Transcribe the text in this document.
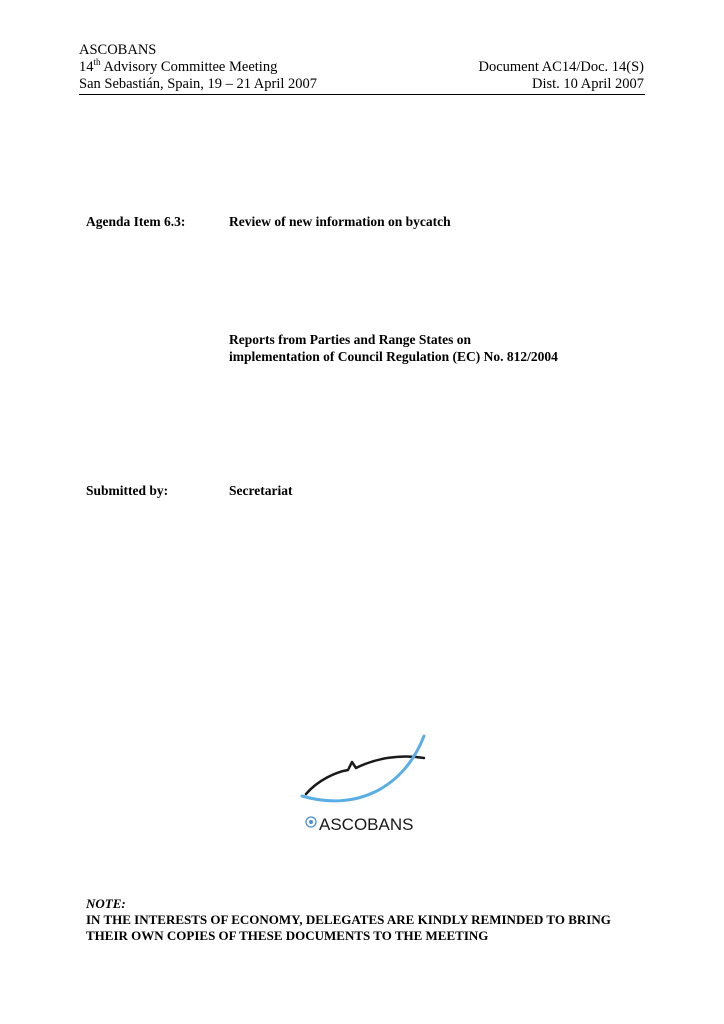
ASCOBANS
14th Advisory Committee Meeting
San Sebastián, Spain, 19 – 21 April 2007
Document AC14/Doc. 14(S)
Dist. 10 April 2007
Agenda Item 6.3:	Review of new information on bycatch
Reports from Parties and Range States on
implementation of Council Regulation (EC) No. 812/2004
Submitted by:	Secretariat
ASCOBANS
NOTE:
IN THE INTERESTS OF ECONOMY, DELEGATES ARE KINDLY REMINDED TO BRING
THEIR OWN COPIES OF THESE DOCUMENTS TO THE MEETING
